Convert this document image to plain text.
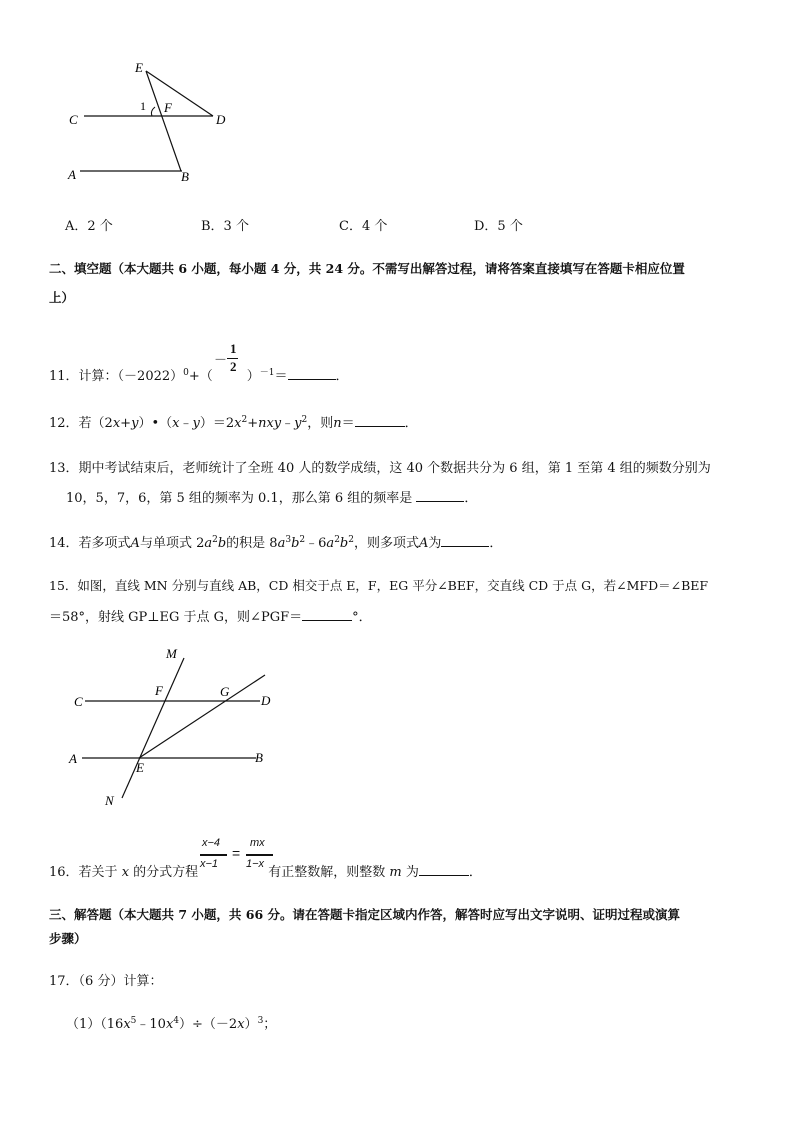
E
1 F
C	D
A	B
A．2 个	B．3 个	C．4 个	D．5 个
二、填空题（本大题共 6 小题，每小题 4 分，共 24 分。不需写出解答过程，请将答案直接填写在答题卡相应位置
上）
11．计算：$(-2022)^0+$（	）$^{-1}$＝	．
－
1
2
12．若$(2x+y)•(x﹣y)=2x^2+nxy﹣y^2$，则n＝	．
13．期中考试结束后，老师统计了全班 40 人的数学成绩，这 40 个数据共分为 6 组，第 1 至第 4 组的频数分别为
10，5，7，6，第 5 组的频率为 0.1，那么第 6 组的频率是	．
14．若多项式A与单项式 $2a^2b$的积是 $8a^3b^2﹣6a^2b^2$，则多项式A为	．
15．如图，直线 MN 分别与直线 AB，CD 相交于点 E，F，EG 平分∠BEF，交直线 CD 于点 G，若∠MFD＝∠BEF
＝58°，射线 GP⊥EG 于点 G，则∠PGF＝	°．
M
F	G
C	D
A
E
B
N
16．若关于 x 的分式方程	有正整数解，则整数 m 为	．
x−4
x−1
=
mx
1−x
三、解答题（本大题共 7 小题，共 66 分。请在答题卡指定区域内作答，解答时应写出文字说明、证明过程或演算
步骤）
17．（6 分）计算：
$(1)(16x^5﹣10x^4)\div(-2x)^3$；
